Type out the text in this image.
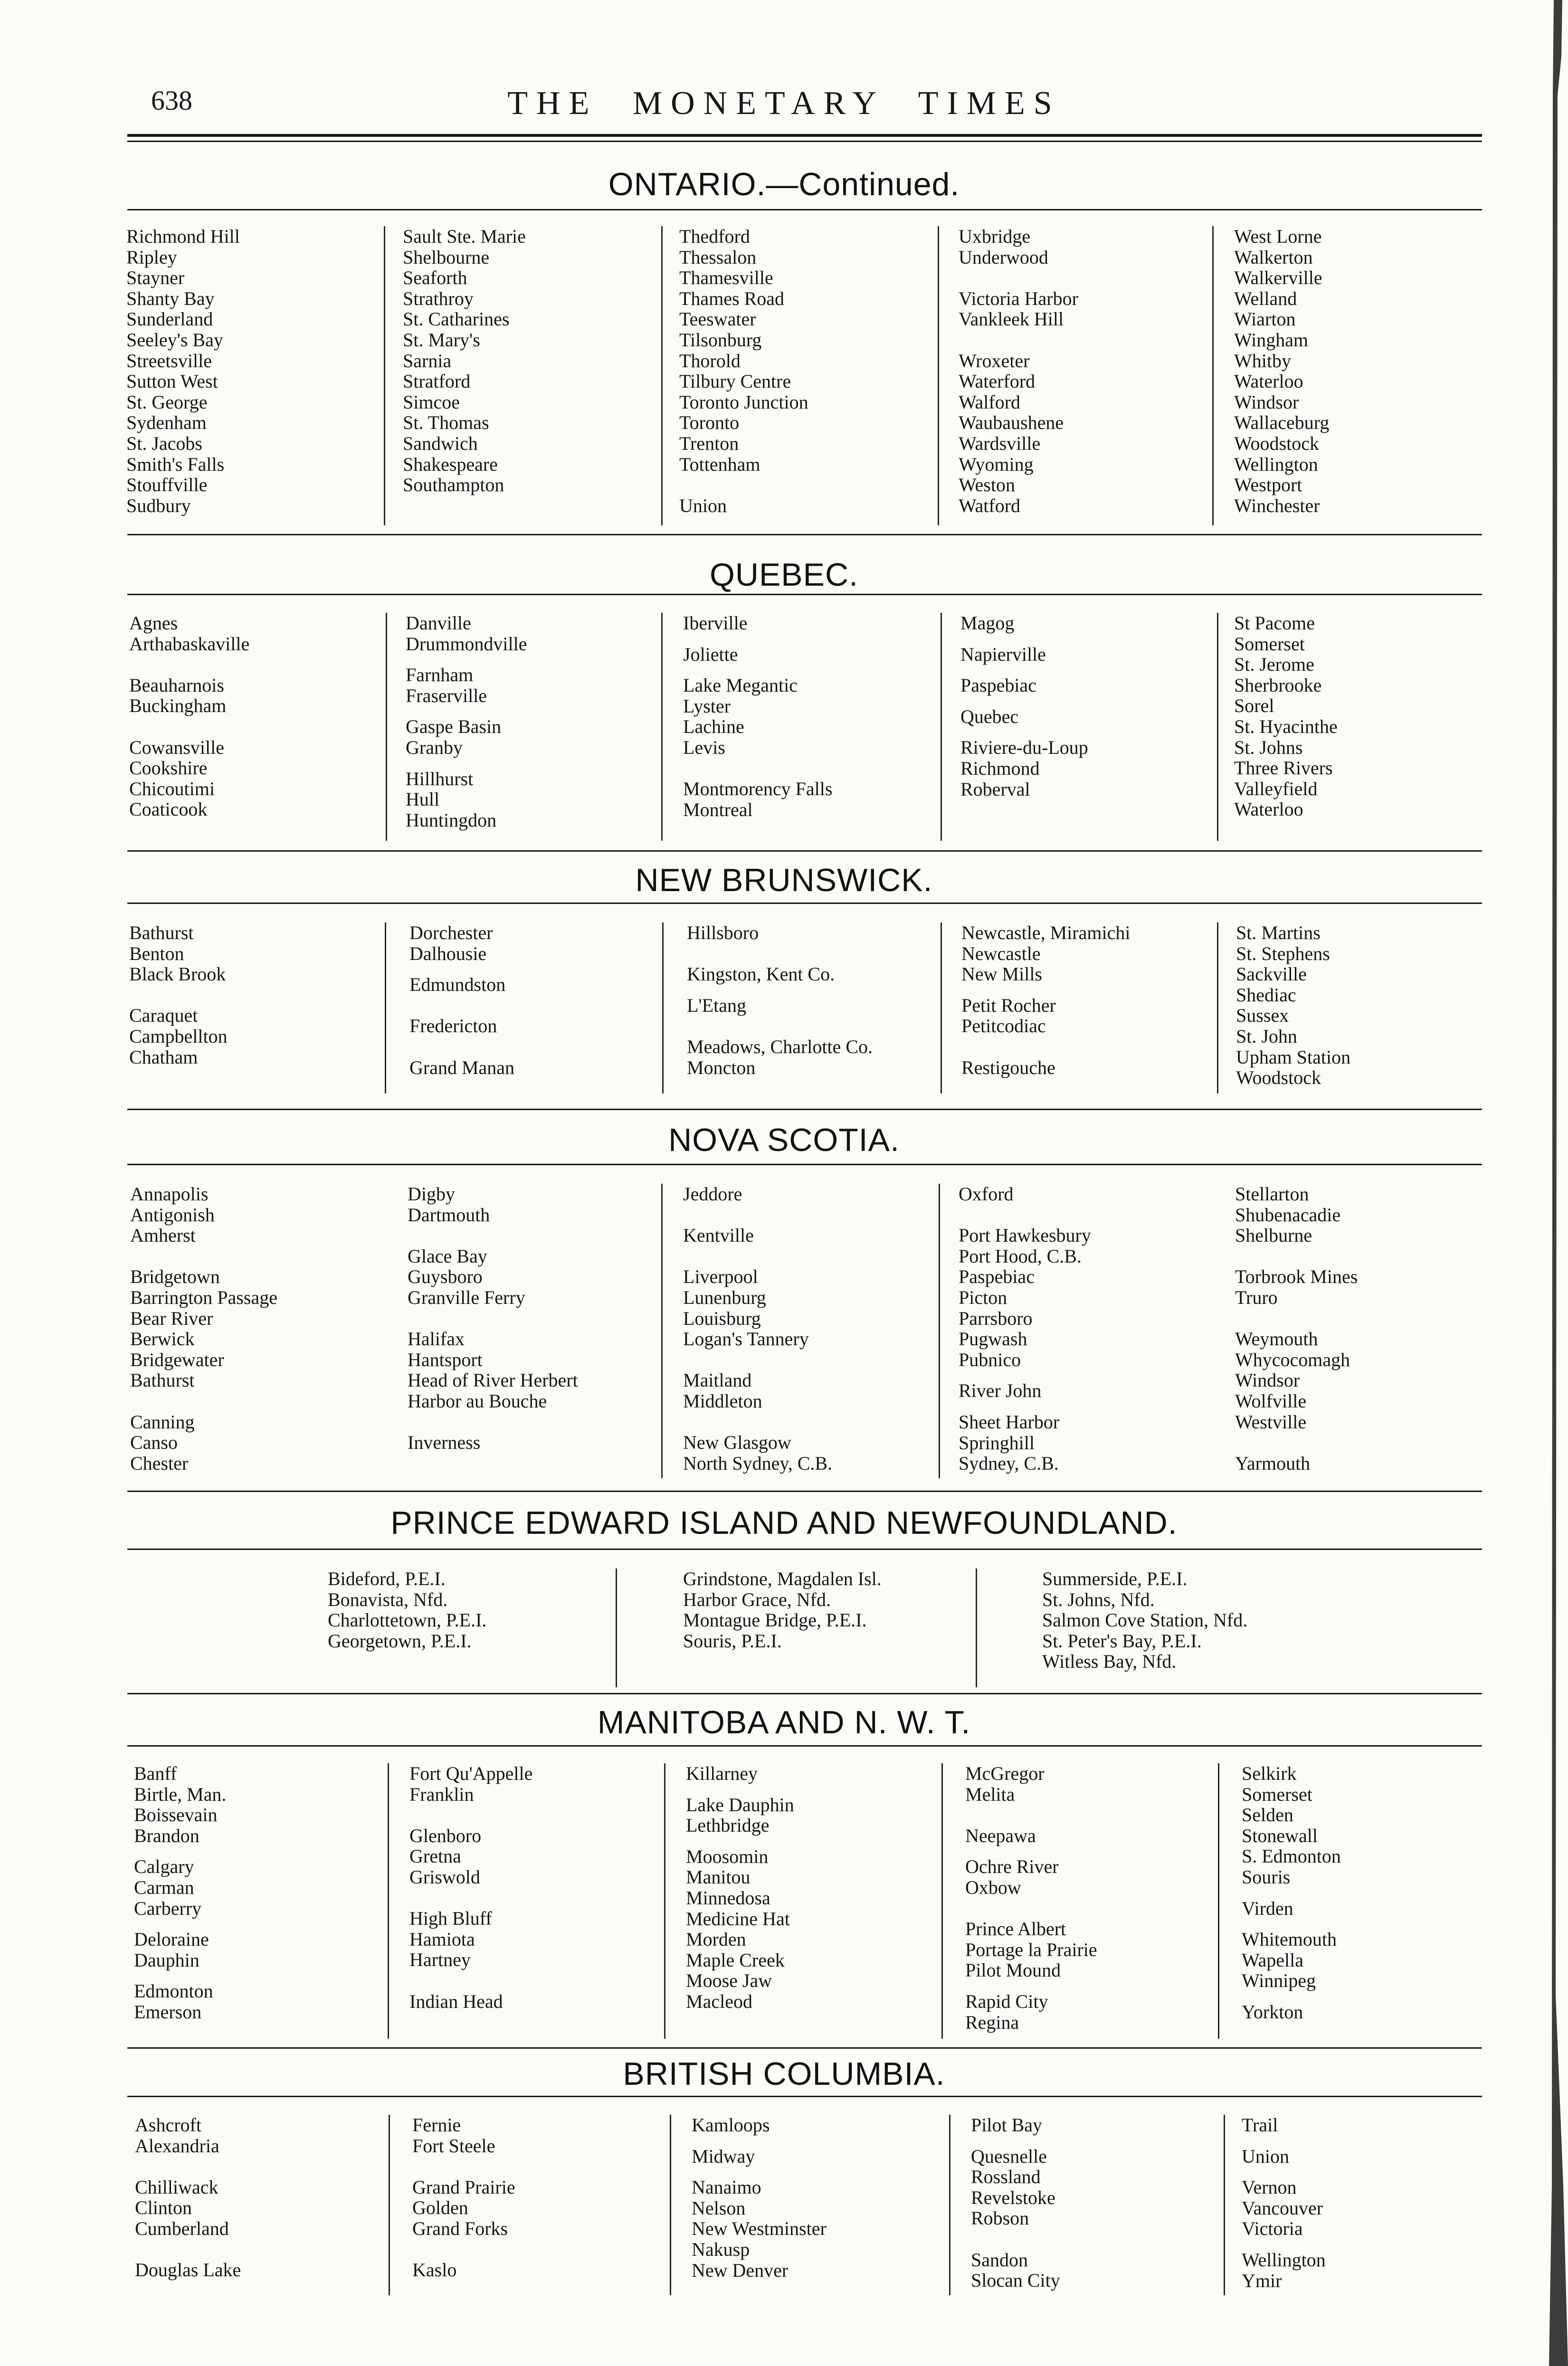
638	THE MONETARY TIMES
ONTARIO.—Continued.
Richmond Hill
Ripley
Stayner
Shanty Bay
Sunderland
Seeley's Bay
Streetsville
Sutton West
St. George
Sydenham
St. Jacobs
Smith's Falls
Stouffville
Sudbury
Sault Ste. Marie
Shelbourne
Seaforth
Strathroy
St. Catharines
St. Mary's
Sarnia
Stratford
Simcoe
St. Thomas
Sandwich
Shakespeare
Southampton
Thedford
Thessalon
Thamesville
Thames Road
Teeswater
Tilsonburg
Thorold
Tilbury Centre
Toronto Junction
Toronto
Trenton
Tottenham
Union
Uxbridge
Underwood
Victoria Harbor
Vankleek Hill
Wroxeter
Waterford
Walford
Waubaushene
Wardsville
Wyoming
Weston
Watford
West Lorne
Walkerton
Walkerville
Welland
Wiarton
Wingham
Whitby
Waterloo
Windsor
Wallaceburg
Woodstock
Wellington
Westport
Winchester
QUEBEC.
Agnes
Arthabaskaville
Beauharnois
Buckingham
Cowansville
Cookshire
Chicoutimi
Coaticook
Danville
Drummondville
Farnham
Fraserville
Gaspe Basin
Granby
Hillhurst
Hull
Huntingdon
Iberville
Joliette
Lake Megantic
Lyster
Lachine
Levis
Montmorency Falls
Montreal
Magog
Napierville
Paspebiac
Quebec
Riviere-du-Loup
Richmond
Roberval
St Pacome
Somerset
St. Jerome
Sherbrooke
Sorel
St. Hyacinthe
St. Johns
Three Rivers
Valleyfield
Waterloo
NEW BRUNSWICK.
Bathurst
Benton
Black Brook
Caraquet
Campbellton
Chatham
Dorchester
Dalhousie
Edmundston
Fredericton
Grand Manan
Hillsboro
Kingston, Kent Co.
L'Etang
Meadows, Charlotte Co.
Moncton
Newcastle, Miramichi
Newcastle
New Mills
Petit Rocher
Petitcodiac
Restigouche
St. Martins
St. Stephens
Sackville
Shediac
Sussex
St. John
Upham Station
Woodstock
NOVA SCOTIA.
Annapolis
Antigonish
Amherst
Bridgetown
Barrington Passage
Bear River
Berwick
Bridgewater
Bathurst
Canning
Canso
Chester
Digby
Dartmouth
Glace Bay
Guysboro
Granville Ferry
Halifax
Hantsport
Head of River Herbert
Harbor au Bouche
Inverness
Jeddore
Kentville
Liverpool
Lunenburg
Louisburg
Logan's Tannery
Maitland
Middleton
New Glasgow
North Sydney, C.B.
Oxford
Port Hawkesbury
Port Hood, C.B.
Paspebiac
Picton
Parrsboro
Pugwash
Pubnico
River John
Sheet Harbor
Springhill
Sydney, C.B.
Stellarton
Shubenacadie
Shelburne
Torbrook Mines
Truro
Weymouth
Whycocomagh
Windsor
Wolfville
Westville
Yarmouth
PRINCE EDWARD ISLAND AND NEWFOUNDLAND.
Bideford, P.E.I.
Bonavista, Nfd.
Charlottetown, P.E.I.
Georgetown, P.E.I.
Grindstone, Magdalen Isl.
Harbor Grace, Nfd.
Montague Bridge, P.E.I.
Souris, P.E.I.
Summerside, P.E.I.
St. Johns, Nfd.
Salmon Cove Station, Nfd.
St. Peter's Bay, P.E.I.
Witless Bay, Nfd.
MANITOBA AND N. W. T.
Banff
Birtle, Man.
Boissevain
Brandon
Calgary
Carman
Carberry
Deloraine
Dauphin
Edmonton
Emerson
Fort Qu'Appelle
Franklin
Glenboro
Gretna
Griswold
High Bluff
Hamiota
Hartney
Indian Head
Killarney
Lake Dauphin
Lethbridge
Moosomin
Manitou
Minnedosa
Medicine Hat
Morden
Maple Creek
Moose Jaw
Macleod
McGregor
Melita
Neepawa
Ochre River
Oxbow
Prince Albert
Portage la Prairie
Pilot Mound
Rapid City
Regina
Selkirk
Somerset
Selden
Stonewall
S. Edmonton
Souris
Virden
Whitemouth
Wapella
Winnipeg
Yorkton
BRITISH COLUMBIA.
Ashcroft
Alexandria
Chilliwack
Clinton
Cumberland
Douglas Lake
Fernie
Fort Steele
Grand Prairie
Golden
Grand Forks
Kaslo
Kamloops
Midway
Nanaimo
Nelson
New Westminster
Nakusp
New Denver
Pilot Bay
Quesnelle
Rossland
Revelstoke
Robson
Sandon
Slocan City
Trail
Union
Vernon
Vancouver
Victoria
Wellington
Ymir
